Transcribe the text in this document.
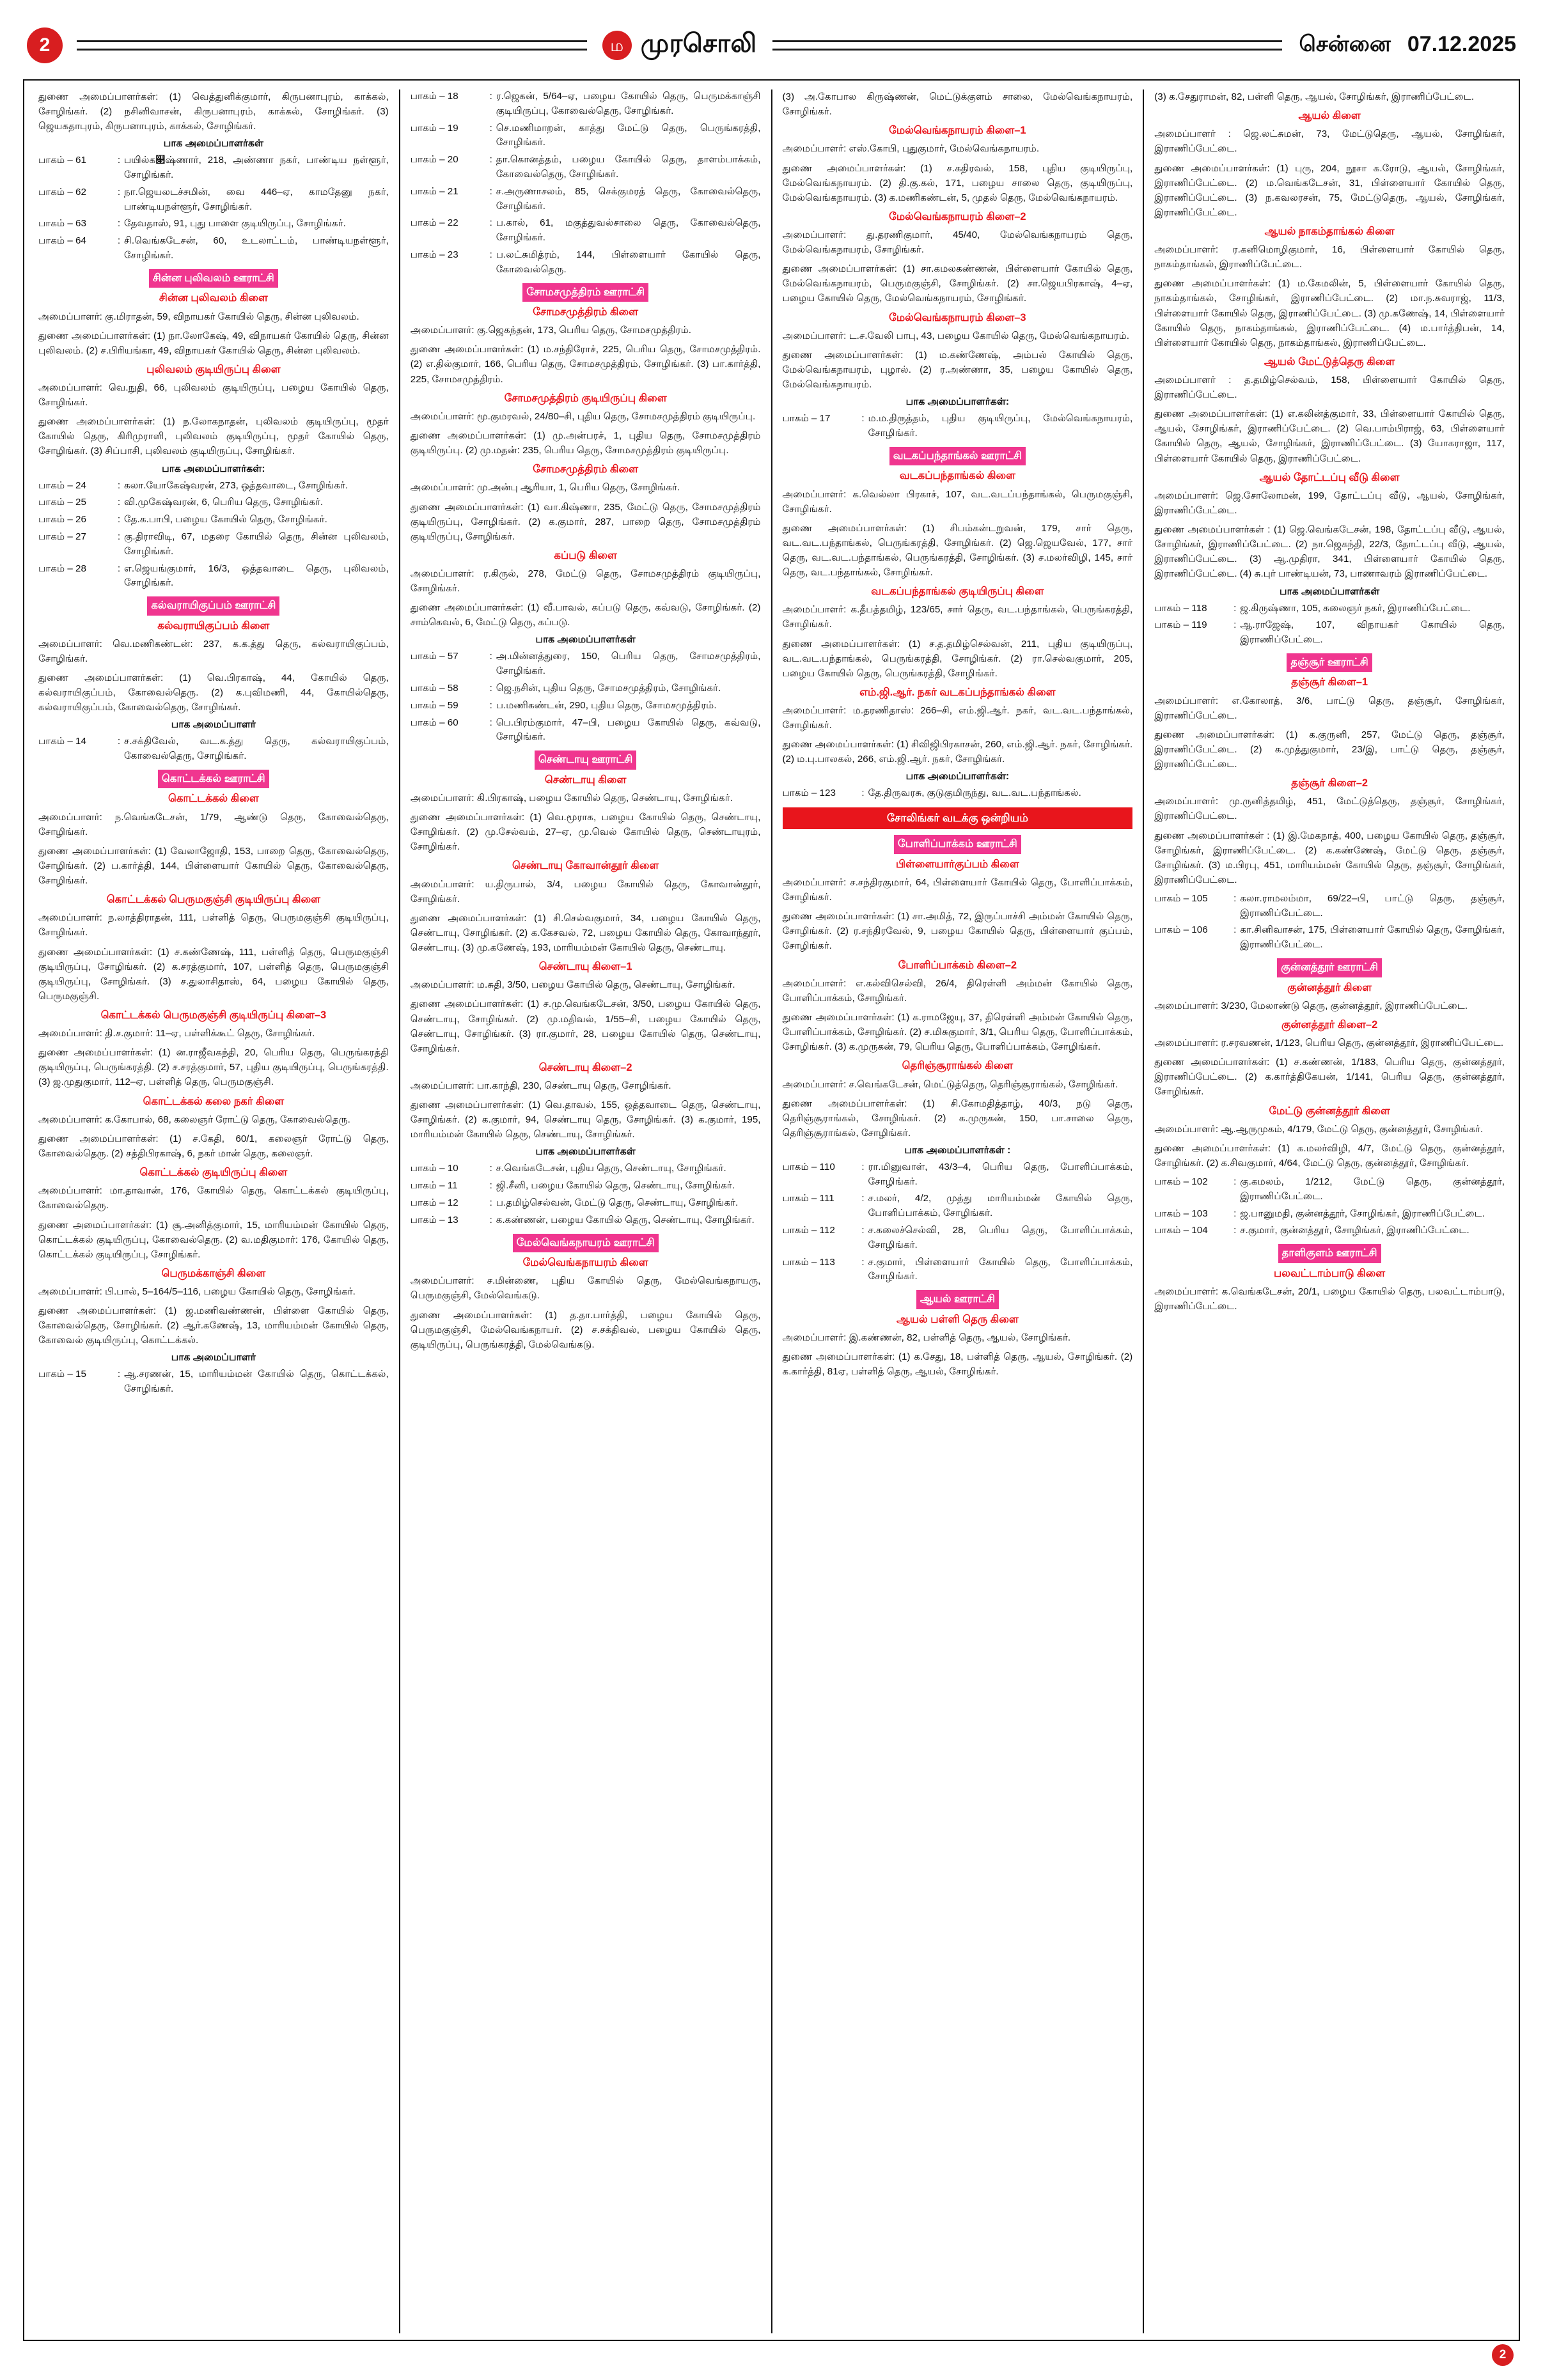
2	ம முரசொலி	சென்னை 07.12.2025
துணை அமைப்பாளர்கள்: (1) வெத்துனிக்குமார், கிருபனாபுரம், காக்கல், சோழிங்கர். (2) நசினிவாசன், கிருபனாபுரம், காக்கல், சோழிங்கர். (3) ஜெயகதாபுரம், கிருபனாபுரம், காக்கல், சோழிங்கர்.
பாக அமைப்பாளர்கள்
பாகம் – 61	: பயில்க௃ஷ்ணார், 218, அண்ணா நகர், பாண்டிய நள்ளூர், சோழிங்கர்.
பாகம் – 62	: நா.ஜெயலடச்சமின், வை 446–ஏ, காமதேனு நகர், பாண்டியநள்ளூர், சோழிங்கர்.
பாகம் – 63	: தேவதாஸ், 91, புது பாளை குடியிருப்பு, சோழிங்கர்.
பாகம் – 64	: சி.வெங்கடேசன், 60, உடலாட்டம், பாண்டியநள்ளூர், சோழிங்கர்.
சின்ன புலிவலம் ஊராட்சி
சின்ன புலிவலம் கிளை
அமைப்பாளர்: கு.மிராதன், 59, விநாயகர் கோயில் தெரு, சின்ன புலிவலம்.
துணை அமைப்பாளர்கள்: (1) நா.லோகேஷ், 49, விநாயகர் கோயில் தெரு, சின்ன புலிவலம். (2) ச.பிரியங்கா, 49, விநாயகர் கோயில் தெரு, சின்ன புலிவலம்.
புலிவலம் குடியிருப்பு கிளை
அமைப்பாளர்: வெ.நுதி, 66, புலிவலம் குடியிருப்பு, பழைய கோயில் தெரு, சோழிங்கர்.
துணை அமைப்பாளர்கள்: (1) ந.லோகநாதன், புலிவலம் குடியிருப்பு, மூதர் கோயில் தெரு, கிரிமுராளி, புலிவலம் குடியிருப்பு, மூதர் கோயில் தெரு, சோழிங்கர். (3) சிப்பாசி, புலிவலம் குடியிருப்பு, சோழிங்கர்.
பாக அமைப்பாளர்கள்:
பாகம் – 24	: கலா.யோகேஷ்வரன், 273, ஒத்தவாடை, சோழிங்கர்.
பாகம் – 25	: வி.முகேஷ்வரன், 6, பெரிய தெரு, சோழிங்கர்.
பாகம் – 26	: தே.க.பாபி, பழைய கோயில் தெரு, சோழிங்கர்.
பாகம் – 27	: கு.திராவிடி, 67, மதரை கோயில் தெரு, சின்ன புலிவலம், சோழிங்கர்.
பாகம் – 28	: எ.ஜெயங்குமார், 16/3, ஒத்தவாடை தெரு, புலிவலம், சோழிங்கர்.
கல்வராயிகுப்பம் ஊராட்சி
கல்வராயிகுப்பம் கிளை
அமைப்பாளர்: வெ.மணிகண்டன்: 237, க.க.த்து தெரு, கல்வராயிகுப்பம், சோழிங்கர்.
துணை அமைப்பாளர்கள்: (1) வெ.பிரகாஷ், 44, கோயில் தெரு, கல்வராயிகுப்பம், கோவைல்தெரு. (2) க.புவிமணி, 44, கோயில்தெரு, கல்வராயிகுப்பம், கோவைல்தெரு, சோழிங்கர்.
பாக அமைப்பாளர்
பாகம் – 14	: ச.சக்திவேல், வட.க.த்து தெரு, கல்வராயிகுப்பம், கோவைல்தெரு, சோழிங்கர்.
கொட்டக்கல் ஊராட்சி
கொட்டக்கல் கிளை
அமைப்பாளர்: ந.வெங்கடேசன், 1/79, ஆண்டு தெரு, கோவைல்தெரு, சோழிங்கர்.
துணை அமைப்பாளர்கள்: (1) வேலாஜோதி, 153, பாறை தெரு, கோவைல்தெரு, சோழிங்கர். (2) ப.கார்த்தி, 144, பிள்ளையார் கோயில் தெரு, கோவைல்தெரு, சோழிங்கர்.
கொட்டக்கல் பெருமகுஞ்சி குடியிருப்பு கிளை
அமைப்பாளர்: ந.லாத்திராதன், 111, பள்ளித் தெரு, பெருமகுஞ்சி குடியிருப்பு, சோழிங்கர்.
துணை அமைப்பாளர்கள்: (1) ச.கண்ணேஷ், 111, பள்ளித் தெரு, பெருமகுஞ்சி குடியிருப்பு, சோழிங்கர். (2) க.சரத்குமார், 107, பள்ளித் தெரு, பெருமகுஞ்சி குடியிருப்பு, சோழிங்கர். (3) ச.துலாசிதாஸ், 64, பழைய கோயில் தெரு, பெருமகுஞ்சி.
கொட்டக்கல் பெருமகுஞ்சி குடியிருப்பு கிளை–3
அமைப்பாளர்: தி.ச.குமார்: 11–ஏ, பள்ளிக்கூட் தெரு, சோழிங்கர்.
துணை அமைப்பாளர்கள்: (1) ன.ராஜீவகந்தி, 20, பெரிய தெரு, பெருங்கரத்தி குடியிருப்பு, பெருங்கரத்தி. (2) ச.சரத்குமார், 57, புதிய குடியிருப்பு, பெருங்கரத்தி. (3) ஜ.முதுகுமார், 112–ஏ, பள்ளித் தெரு, பெருமகுஞ்சி.
கொட்டக்கல் கலை நகர் கிளை
அமைப்பாளர்: க.கோபால், 68, கலைஞர் ரோட்டு தெரு, கோவைல்தெரு.
துணை அமைப்பாளர்கள்: (1) ச.கேதி, 60/1, கலைஞர் ரோட்டு தெரு, கோவைல்தெரு. (2) சத்திபிரகாஷ், 6, நகர் மான் தெரு, கலைஞர்.
கொட்டக்கல் குடியிருப்பு கிளை
அமைப்பாளர்: மா.தாவான், 176, கோயில் தெரு, கொட்டக்கல் குடியிருப்பு, கோவைல்தெரு.
துணை அமைப்பாளர்கள்: (1) சூ.அனித்குமார், 15, மாரியம்மன் கோயில் தெரு, கொட்டக்கல் குடியிருப்பு, கோவைல்தெரு. (2) வ.மதிகுமார்: 176, கோயில் தெரு, கொட்டக்கல் குடியிருப்பு, சோழிங்கர்.
பெருமக்காஞ்சி கிளை
அமைப்பாளர்: பி.பால், 5–164/5–116, பழைய கோயில் தெரு, சோழிங்கர்.
துணை அமைப்பாளர்கள்: (1) ஜ.மணிவண்ணன், பிள்ளை கோயில் தெரு, கோவைல்தெரு, சோழிங்கர். (2) ஆர்.கணேஷ், 13, மாரியம்மன் கோயில் தெரு, கோவைல் குடியிருப்பு, கொட்டக்கல்.
பாக அமைப்பாளர்
பாகம் – 15	: ஆ.சரணன், 15, மாரியம்மன் கோயில் தெரு, கொட்டக்கல், சோழிங்கர்.
பாகம் – 18	: ர.ஜெகன், 5/64–ஏ, பழைய கோயில் தெரு, பெருமக்காஞ்சி குடியிருப்பு, கோவைல்தெரு, சோழிங்கர்.
பாகம் – 19	: செ.மணிமாறன், காத்து மேட்டு தெரு, பெருங்கரத்தி, சோழிங்கர்.
பாகம் – 20	: தா.கொனத்தம், பழைய கோயில் தெரு, தாளம்பாக்கம், கோவைல்தெரு, சோழிங்கர்.
பாகம் – 21	: ச.அருணாசலம், 85, செக்குமரத் தெரு, கோவைல்தெரு, சோழிங்கர்.
பாகம் – 22	: ப.கால், 61, மகுத்துவல்சாலை தெரு, கோவைல்தெரு, சோழிங்கர்.
பாகம் – 23	: ப.லட்சுமித்ரம், 144, பிள்ளையார் கோயில் தெரு, கோவைல்தெரு.
சோமசமுத்திரம் ஊராட்சி
சோமசமுத்திரம் கிளை
அமைப்பாளர்: கு.ஜெகந்தன், 173, பெரிய தெரு, சோமசமுத்திரம்.
துணை அமைப்பாளர்கள்: (1) ம.சந்திரோச், 225, பெரிய தெரு, சோமசமுத்திரம். (2) எ.தில்குமார், 166, பெரிய தெரு, சோமசமுத்திரம், சோழிங்கர். (3) பா.கார்த்தி, 225, சோமசமுத்திரம்.
சோமசமுத்திரம் குடியிருப்பு கிளை
அமைப்பாளர்: மூ.குமரவல், 24/80–சி, புதிய தெரு, சோமசமுத்திரம் குடியிருப்பு.
துணை அமைப்பாளர்கள்: (1) மு.அன்பரச், 1, புதிய தெரு, சோமசமுத்திரம் குடியிருப்பு. (2) மு.மதன்: 235, பெரிய தெரு, சோமசமுத்திரம் குடியிருப்பு.
சோமசமுத்திரம் கிளை
அமைப்பாளர்: மு.அன்பு ஆரியா, 1, பெரிய தெரு, சோழிங்கர்.
துணை அமைப்பாளர்கள்: (1) வா.கிஷ்ணா, 235, மேட்டு தெரு, சோமசமுத்திரம் குடியிருப்பு, சோழிங்கர். (2) க.குமார், 287, பாறை தெரு, சோமசமுத்திரம் குடியிருப்பு, சோழிங்கர்.
கப்படு கிளை
அமைப்பாளர்: ர.கிருல், 278, மேட்டு தெரு, சோமசமுத்திரம் குடியிருப்பு, சோழிங்கர்.
துணை அமைப்பாளர்கள்: (1) வீ.பாவல், கப்படு தெரு, கவ்வடு, சோழிங்கர். (2) சாம்கெவல், 6, மேட்டு தெரு, கப்படு.
பாக அமைப்பாளர்கள்
பாகம் – 57	: அ.மின்னத்துரை, 150, பெரிய தெரு, சோமசமுத்திரம், சோழிங்கர்.
பாகம் – 58	: ஜெ.நசின், புதிய தெரு, சோமசமுத்திரம், சோழிங்கர்.
பாகம் – 59	: ப.மணிகண்டன், 290, புதிய தெரு, சோமசமுத்திரம்.
பாகம் – 60	: பெ.பிரம்குமார், 47–பி, பழைய கோயில் தெரு, கவ்வடு, சோழிங்கர்.
செண்டாயு ஊராட்சி
செண்டாயு கிளை
அமைப்பாளர்: கி.பிரகாஷ், பழைய கோயில் தெரு, செண்டாயு, சோழிங்கர்.
துணை அமைப்பாளர்கள்: (1) வெ.மூராக, பழைய கோயில் தெரு, செண்டாயு, சோழிங்கர். (2) மு.சேல்வம், 27–ஏ, மு.வெல் கோயில் தெரு, செண்டாயுரம், சோழிங்கர்.
செண்டாயு கோவான்தூர் கிளை
அமைப்பாளர்: ய.திருபால், 3/4, பழைய கோயில் தெரு, கோவான்தூர், சோழிங்கர்.
துணை அமைப்பாளர்கள்: (1) சி.செல்வகுமார், 34, பழைய கோயில் தெரு, செண்டாயு, சோழிங்கர். (2) க.கேசவல், 72, பழைய கோயில் தெரு, கோவாந்தூர், செண்டாயு. (3) மு.கணேஷ், 193, மாரியம்மன் கோயில் தெரு, செண்டாயு.
செண்டாயு கிளை–1
அமைப்பாளர்: ம.சுதி, 3/50, பழைய கோயில் தெரு, செண்டாயு, சோழிங்கர்.
துணை அமைப்பாளர்கள்: (1) ச.மு.வெங்கடேசன், 3/50, பழைய கோயில் தெரு, செண்டாயு, சோழிங்கர். (2) மு.மதிவல், 1/55–சி, பழைய கோயில் தெரு, செண்டாயு, சோழிங்கர். (3) ரா.குமார், 28, பழைய கோயில் தெரு, செண்டாயு, சோழிங்கர்.
செண்டாயு கிளை–2
அமைப்பாளர்: பா.காந்தி, 230, செண்டாயு தெரு, சோழிங்கர்.
துணை அமைப்பாளர்கள்: (1) வெ.தாவல், 155, ஒத்தவாடை தெரு, செண்டாயு, சோழிங்கர். (2) க.குமார், 94, செண்டாயு தெரு, சோழிங்கர். (3) க.குமார், 195, மாரியம்மன் கோயில் தெரு, செண்டாயு, சோழிங்கர்.
பாக அமைப்பாளர்கள்
பாகம் – 10	: ச.வெங்கடேசன், புதிய தெரு, செண்டாயு, சோழிங்கர்.
பாகம் – 11	: ஜி.சீனி, பழைய கோயில் தெரு, செண்டாயு, சோழிங்கர்.
பாகம் – 12	: ப.தமிழ்செல்வன், மேட்டு தெரு, செண்டாயு, சோழிங்கர்.
பாகம் – 13	: க.கண்ணன், பழைய கோயில் தெரு, செண்டாயு, சோழிங்கர்.
மேல்வெங்கநாயரம் ஊராட்சி
மேல்வெங்கநாயரம் கிளை
அமைப்பாளர்: ச.மின்ணை, புதிய கோயில் தெரு, மேல்வெங்கநாயரு, பெருமகுஞ்சி, மேல்வெங்கடு.
துணை அமைப்பாளர்கள்: (1) த.தா.பார்த்தி, பழைய கோயில் தெரு, பெருமகுஞ்சி, மேல்வெங்கநாயர். (2) ச.சக்திவல், பழைய கோயில் தெரு, குடியிருப்பு, பெருங்கரத்தி, மேல்வெங்கடு.
(3) அ.கோபால கிருஷ்ணன், மெட்டுக்குளம் சாலை, மேல்வெங்கநாயரம், சோழிங்கர்.
மேல்வெங்கநாயரம் கிளை–1
அமைப்பாளர்: எஸ்.கோபி, புதுகுமார், மேல்வெங்கநாயரம்.
துணை அமைப்பாளர்கள்: (1) ச.கதிரவல், 158, புதிய குடியிருப்பு, மேல்வெங்கநாயரம். (2) தி.கு.கல், 171, பழைய சாலை தெரு, குடியிருப்பு, மேல்வெங்கநாயரம். (3) க.மணிகண்டன், 5, முதல் தெரு, மேல்வெங்கநாயரம்.
மேல்வெங்கநாயரம் கிளை–2
அமைப்பாளர்: து.தரணிகுமார், 45/40, மேல்வெங்கநாயரம் தெரு, மேல்வெங்கநாயரம், சோழிங்கர்.
துணை அமைப்பாளர்கள்: (1) சா.கமலகண்ணன், பிள்ளையார் கோயில் தெரு, மேல்வெங்கநாயரம், பெருமகுஞ்சி, சோழிங்கர். (2) சா.ஜெயபிரகாஷ், 4–ஏ, பழைய கோயில் தெரு, மேல்வெங்கநாயரம், சோழிங்கர்.
மேல்வெங்கநாயரம் கிளை–3
அமைப்பாளர்: ட.ச.வேலி பாபு, 43, பழைய கோயில் தெரு, மேல்வெங்கநாயரம்.
துணை அமைப்பாளர்கள்: (1) ம.கண்ணேஷ், அம்பல் கோயில் தெரு, மேல்வெங்கநாயரம், புழால். (2) ர.அண்ணா, 35, பழைய கோயில் தெரு, மேல்வெங்கநாயரம்.
பாக அமைப்பாளர்கள்:
பாகம் – 17	: ம.ம.திருத்தம், புதிய குடியிருப்பு, மேல்வெங்கநாயரம், சோழிங்கர்.
வடகப்பந்தாங்கல் ஊராட்சி
வடகப்பந்தாங்கல் கிளை
அமைப்பாளர்: க.வெல்லா பிரகாச், 107, வட.வடப்பந்தாங்கல், பெருமகுஞ்சி, சோழிங்கர்.
துணை அமைப்பாளர்கள்: (1) சிபம்கன்டறுவன், 179, சார் தெரு, வட.வட.பந்தாங்கல், பெருங்கரத்தி, சோழிங்கர். (2) ஜெ.ஜெயவேல், 177, சார் தெரு, வட.வட.பந்தாங்கல், பெருங்கரத்தி, சோழிங்கர். (3) ச.மலர்விழி, 145, சார் தெரு, வட.பந்தாங்கல், சோழிங்கர்.
வடகப்பந்தாங்கல் குடியிருப்பு கிளை
அமைப்பாளர்: க.தீபத்தமிழ், 123/65, சார் தெரு, வட.பந்தாங்கல், பெருங்கரத்தி, சோழிங்கர்.
துணை அமைப்பாளர்கள்: (1) ச.த.தமிழ்செல்வன், 211, புதிய குடியிருப்பு, வட.வட.பந்தாங்கல், பெருங்கரத்தி, சோழிங்கர். (2) ரா.செல்வகுமார், 205, பழைய கோயில் தெரு, பெருங்கரத்தி, சோழிங்கர்.
எம்.ஜி.ஆர். நகர் வடகப்பந்தாங்கல் கிளை
அமைப்பாளர்: ம.தரணிதாஸ்: 266–சி, எம்.ஜி.ஆர். நகர், வட.வட.பந்தாங்கல், சோழிங்கர்.
துணை அமைப்பாளர்கள்: (1) சிவிஜிபிரகாசன், 260, எம்.ஜி.ஆர். நகர், சோழிங்கர். (2) ம.பு.பாலகல், 266, எம்.ஜி.ஆர். நகர், சோழிங்கர்.
பாக அமைப்பாளர்கள்:
பாகம் – 123	: தே.திருவரசு, குடுகுமிருந்து, வட.வட.பந்தாங்கல்.
சோலிங்கர் வடக்கு ஒன்றியம்
போளிப்பாக்கம் ஊராட்சி
பிள்ளையார்குப்பம் கிளை
அமைப்பாளர்: ச.சந்திரகுமார், 64, பிள்ளையார் கோயில் தெரு, போளிப்பாக்கம், சோழிங்கர்.
துணை அமைப்பாளர்கள்: (1) சா.அமித், 72, இருப்பாச்சி அம்மன் கோயில் தெரு, சோழிங்கர். (2) ர.சந்திரவேல், 9, பழைய கோயில் தெரு, பிள்ளையார் குப்பம், சோழிங்கர்.
போளிப்பாக்கம் கிளை–2
அமைப்பாளர்: எ.கல்விசெல்வி, 26/4, திரெள்ளி அம்மன் கோயில் தெரு, போளிப்பாக்கம், சோழிங்கர்.
துணை அமைப்பாளர்கள்: (1) க.ராமஜேயு, 37, திரெள்ளி அம்மன் கோயில் தெரு, போளிப்பாக்கம், சோழிங்கர். (2) ச.மிசுகுமார், 3/1, பெரிய தெரு, போளிப்பாக்கம், சோழிங்கர். (3) க.முருகன், 79, பெரிய தெரு, போளிப்பாக்கம், சோழிங்கர்.
தெரிஞ்சூராங்கல் கிளை
அமைப்பாளர்: ச.வெங்கடேசன், மெட்டுத்தெரு, தெரிஞ்சூராங்கல், சோழிங்கர்.
துணை அமைப்பாளர்கள்: (1) சி.கோமதித்தாழ், 40/3, நடு தெரு, தெரிஞ்சூராங்கல், சோழிங்கர். (2) க.முருகன், 150, பா.சாலை தெரு, தெரிஞ்சூராங்கல், சோழிங்கர்.
பாக அமைப்பாளர்கள் :
பாகம் – 110	: ரா.மினுவாள், 43/3–4, பெரிய தெரு, போளிப்பாக்கம், சோழிங்கர்.
பாகம் – 111	: ச.மலர், 4/2, முத்து மாரியம்மன் கோயில் தெரு, போளிப்பாக்கம், சோழிங்கர்.
பாகம் – 112	: ச.கலைச்செல்வி, 28, பெரிய தெரு, போளிப்பாக்கம், சோழிங்கர்.
பாகம் – 113	: ச.குமார், பிள்ளையார் கோயில் தெரு, போளிப்பாக்கம், சோழிங்கர்.
ஆயல் ஊராட்சி
ஆயல் பள்ளி தெரு கிளை
அமைப்பாளர்: இ.கண்ணன், 82, பள்ளித் தெரு, ஆயல், சோழிங்கர்.
துணை அமைப்பாளர்கள்: (1) க.சேது, 18, பள்ளித் தெரு, ஆயல், சோழிங்கர். (2) க.கார்த்தி, 81ஏ, பள்ளித் தெரு, ஆயல், சோழிங்கர்.
(3) க.சேதுராமன், 82, பள்ளி தெரு, ஆயல், சோழிங்கர், இராணிப்பேட்டை.
ஆயல் கிளை
அமைப்பாளர் : ஜெ.லட்சுமன், 73, மேட்டுதெரு, ஆயல், சோழிங்கர், இராணிப்பேட்டை.
துணை அமைப்பாளர்கள்: (1) புரு, 204, நூசா க.ரோடு, ஆயல், சோழிங்கர், இராணிப்பேட்டை. (2) ம.வெங்கடேசன், 31, பிள்ளையார் கோயில் தெரு, இராணிப்பேட்டை. (3) ந.கவலரசன், 75, மேட்டுதெரு, ஆயல், சோழிங்கர், இராணிப்பேட்டை.
ஆயல் நாகம்தாங்கல் கிளை
அமைப்பாளர்: ர.கனிமொழிகுமார், 16, பிள்ளையார் கோயில் தெரு, நாகம்தாங்கல், இராணிப்பேட்டை.
துணை அமைப்பாளர்கள்: (1) ம.கேமலின், 5, பிள்ளையார் கோயில் தெரு, நாகம்தாங்கல், சோழிங்கர், இராணிப்பேட்டை. (2) மா.ந.சுவராஜ், 11/3, பிள்ளையார் கோயில் தெரு, இராணிப்பேட்டை. (3) மு.கணேஷ், 14, பிள்ளையார் கோயில் தெரு, நாகம்தாங்கல், இராணிப்பேட்டை. (4) ம.பார்த்திபன், 14, பிள்ளையார் கோயில் தெரு, நாகம்தாங்கல், இராணிப்பேட்டை.
ஆயல் மேட்டுத்தெரு கிளை
அமைப்பாளர் : த.தமிழ்செல்வம், 158, பிள்ளையார் கோயில் தெரு, இராணிப்பேட்டை.
துணை அமைப்பாளர்கள்: (1) எ.கலின்த்குமார், 33, பிள்ளையார் கோயில் தெரு, ஆயல், சோழிங்கர், இராணிப்பேட்டை. (2) வெ.பாம்பிராஜ், 63, பிள்ளையார் கோயில் தெரு, ஆயல், சோழிங்கர், இராணிப்பேட்டை. (3) யோகராஜா, 117, பிள்ளையார் கோயில் தெரு, இராணிப்பேட்டை.
ஆயல் தோட்டப்பு வீடு கிளை
அமைப்பாளர்: ஜெ.சோலோமன், 199, தோட்டப்பு வீடு, ஆயல், சோழிங்கர், இராணிப்பேட்டை.
துணை அமைப்பாளர்கள் : (1) ஜெ.வெங்கடேசன், 198, தோட்டப்பு வீடு, ஆயல், சோழிங்கர், இராணிப்பேட்டை. (2) நா.ஜெகந்தி, 22/3, தோட்டப்பு வீடு, ஆயல், இராணிப்பேட்டை. (3) ஆ.முதிரா, 341, பிள்ளையார் கோயில் தெரு, இராணிப்பேட்டை. (4) சு.புர் பாண்டியன், 73, பாணாவரம் இராணிப்பேட்டை.
பாக அமைப்பாளர்கள்
பாகம் – 118	: ஜ.கிருஷ்ணா, 105, கலைஞர் நகர், இராணிப்பேட்டை.
பாகம் – 119	: ஆ.ராஜேஷ், 107, விநாயகர் கோயில் தெரு, இராணிப்பேட்டை.
தஞ்சூர் ஊராட்சி
தஞ்சூர் கிளை–1
அமைப்பாளர்: எ.கோலாத், 3/6, பாட்டு தெரு, தஞ்சூர், சோழிங்கர், இராணிப்பேட்டை.
துணை அமைப்பாளர்கள்: (1) க.குருனி, 257, மேட்டு தெரு, தஞ்சூர், இராணிப்பேட்டை. (2) க.முத்துகுமார், 23/இ, பாட்டு தெரு, தஞ்சூர், இராணிப்பேட்டை.
தஞ்சூர் கிளை–2
அமைப்பாளர்: மு.ருனித்தமிழ், 451, மேட்டுத்தெரு, தஞ்சூர், சோழிங்கர், இராணிப்பேட்டை.
துணை அமைப்பாளர்கள் : (1) இ.மேகநாத், 400, பழைய கோயில் தெரு, தஞ்சூர், சோழிங்கர், இராணிப்பேட்டை. (2) க.கண்ணேஷ், மேட்டு தெரு, தஞ்சூர், சோழிங்கர். (3) ம.பிரபு, 451, மாரியம்மன் கோயில் தெரு, தஞ்சூர், சோழிங்கர், இராணிப்பேட்டை.
பாகம் – 105	: கலா.ராமலம்மா, 69/22–பி, பாட்டு தெரு, தஞ்சூர், இராணிப்பேட்டை.
பாகம் – 106	: கா.சினிவாசன், 175, பிள்ளையார் கோயில் தெரு, சோழிங்கர், இராணிப்பேட்டை.
குன்னத்தூர் ஊராட்சி
குன்னத்தூர் கிளை
அமைப்பாளர்: 3/230, மேலாண்டு தெரு, குன்னத்தூர், இராணிப்பேட்டை.
குன்னத்தூர் கிளை–2
அமைப்பாளர்: ர.சரவணன், 1/123, பெரிய தெரு, குன்னத்தூர், இராணிப்பேட்டை.
துணை அமைப்பாளர்கள்: (1) ச.கண்ணன், 1/183, பெரிய தெரு, குன்னத்தூர், இராணிப்பேட்டை. (2) க.கார்த்திகேயன், 1/141, பெரிய தெரு, குன்னத்தூர், சோழிங்கர்.
மேட்டு குன்னத்தூர் கிளை
அமைப்பாளர்: ஆ.ஆருமுகம், 4/179, மேட்டு தெரு, குன்னத்தூர், சோழிங்கர்.
துணை அமைப்பாளர்கள்: (1) க.மலர்விழி, 4/7, மேட்டு தெரு, குன்னத்தூர், சோழிங்கர். (2) க.சிவகுமார், 4/64, மேட்டு தெரு, குன்னத்தூர், சோழிங்கர்.
பாகம் – 102	: கு.கமலம், 1/212, மேட்டு தெரு, குன்னத்தூர், இராணிப்பேட்டை.
பாகம் – 103	: ஜ.பானுமதி, குன்னத்தூர், சோழிங்கர், இராணிப்பேட்டை.
பாகம் – 104	: ச.குமார், குன்னத்தூர், சோழிங்கர், இராணிப்பேட்டை.
தாளிகுளம் ஊராட்சி
பலவட்டாம்பாடு கிளை
அமைப்பாளர்: க.வெங்கடேசன், 20/1, பழைய கோயில் தெரு, பலவட்டாம்பாடு, இராணிப்பேட்டை.
2
